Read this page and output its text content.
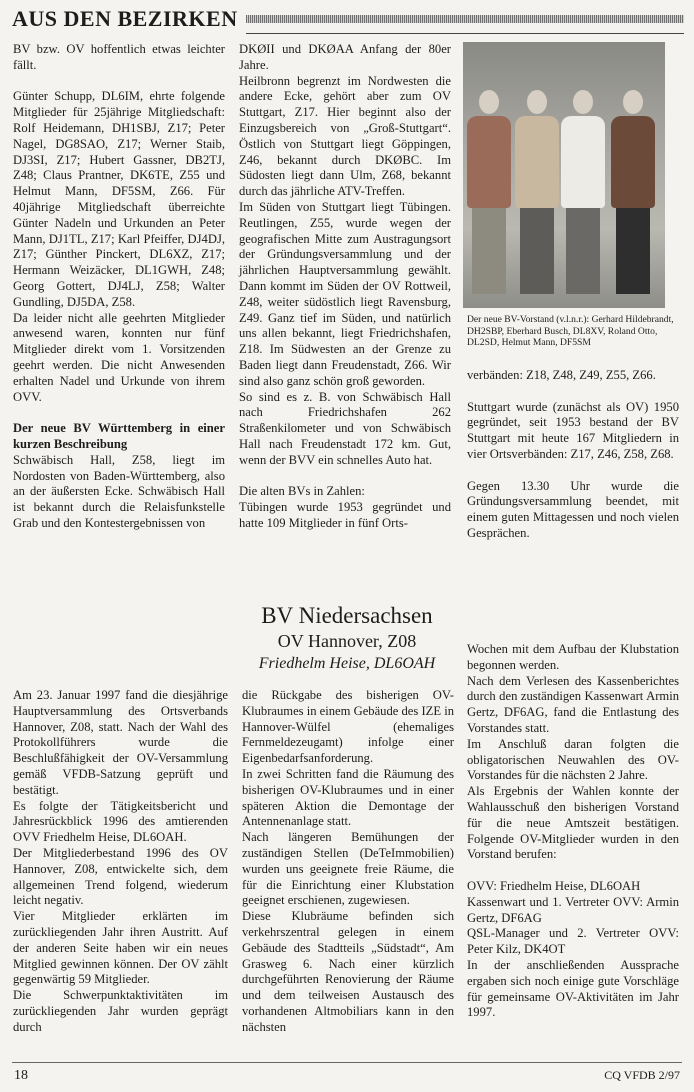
AUS DEN BEZIRKEN

BV bzw. OV hoffentlich etwas leichter fällt.

Günter Schupp, DL6IM, ehrte folgende Mitglieder für 25jährige Mitgliedschaft: Rolf Heidemann, DH1SBJ, Z17; Peter Nagel, DG8SAO, Z17; Werner Staib, DJ3SI, Z17; Hubert Gassner, DB2TJ, Z48; Claus Prantner, DK6TE, Z55 und Helmut Mann, DF5SM, Z66. Für 40jährige Mitgliedschaft überreichte Günter Nadeln und Urkunden an Peter Mann, DJ1TL, Z17; Karl Pfeiffer, DJ4DJ, Z17; Günther Pinckert, DL6XZ, Z17; Hermann Weizäcker, DL1GWH, Z48; Georg Gottert, DJ4LJ, Z58; Walter Gundling, DJ5DA, Z58.

Da leider nicht alle geehrten Mitglieder anwesend waren, konnten nur fünf Mitglieder direkt vom 1. Vorsitzenden geehrt werden. Die nicht Anwesenden erhalten Nadel und Urkunde von ihrem OVV.

Der neue BV Württemberg in einer kurzen Beschreibung

Schwäbisch Hall, Z58, liegt im Nordosten von Baden-Württemberg, also an der äußersten Ecke. Schwäbisch Hall ist bekannt durch die Relaisfunkstelle Grab und den Kontestergebnissen von

DKØII und DKØAA Anfang der 80er Jahre.

Heilbronn begrenzt im Nordwesten die andere Ecke, gehört aber zum OV Stuttgart, Z17. Hier beginnt also der Einzugsbereich von „Groß-Stuttgart“. Östlich von Stuttgart liegt Göppingen, Z46, bekannt durch DKØBC. Im Südosten liegt dann Ulm, Z68, bekannt durch das jährliche ATV-Treffen.

Im Süden von Stuttgart liegt Tübingen. Reutlingen, Z55, wurde wegen der geografischen Mitte zum Austragungsort der Gründungsversammlung und der jährlichen Hauptversammlung gewählt. Dann kommt im Süden der OV Rottweil, Z48, weiter südöstlich liegt Ravensburg, Z49. Ganz tief im Süden, und natürlich uns allen bekannt, liegt Friedrichshafen, Z18. Im Südwesten an der Grenze zu Baden liegt dann Freudenstadt, Z66. Wir sind also ganz schön groß geworden.

So sind es z. B. von Schwäbisch Hall nach Friedrichshafen 262 Straßenkilometer und von Schwäbisch Hall nach Freudenstadt 172 km. Gut, wenn der BVV ein schnelles Auto hat.

Die alten BVs in Zahlen:

Tübingen wurde 1953 gegründet und hatte 109 Mitglieder in fünf Orts-

Der neue BV-Vorstand (v.l.n.r.): Gerhard Hildebrandt, DH2SBP, Eberhard Busch, DL8XV, Roland Otto, DL2SD, Helmut Mann, DF5SM

verbänden: Z18, Z48, Z49, Z55, Z66.

Stuttgart wurde (zunächst als OV) 1950 gegründet, seit 1953 bestand der BV Stuttgart mit heute 167 Mitgliedern in vier Ortsverbänden: Z17, Z46, Z58, Z68.

Gegen 13.30 Uhr wurde die Gründungsversammlung beendet, mit einem guten Mittagessen und noch vielen Gesprächen.

BV Niedersachsen
OV Hannover, Z08
Friedhelm Heise, DL6OAH

Am 23. Januar 1997 fand die diesjährige Hauptversammlung des Ortsverbands Hannover, Z08, statt. Nach der Wahl des Protokollführers wurde die Beschlußfähigkeit der OV-Versammlung gemäß VFDB-Satzung geprüft und bestätigt.

Es folgte der Tätigkeitsbericht und Jahresrückblick 1996 des amtierenden OVV Friedhelm Heise, DL6OAH.

Der Mitgliederbestand 1996 des OV Hannover, Z08, entwickelte sich, dem allgemeinen Trend folgend, wiederum leicht negativ.

Vier Mitglieder erklärten im zurückliegenden Jahr ihren Austritt. Auf der anderen Seite haben wir ein neues Mitglied gewinnen können. Der OV zählt gegenwärtig 59 Mitglieder.

Die Schwerpunktaktivitäten im zurückliegenden Jahr wurden geprägt durch

die Rückgabe des bisherigen OV-Klubraumes in einem Gebäude des IZE in Hannover-Wülfel (ehemaliges Fernmeldezeugamt) infolge einer Eigenbedarfsanforderung.

In zwei Schritten fand die Räumung des bisherigen OV-Klubraumes und in einer späteren Aktion die Demontage der Antennenanlage statt.

Nach längeren Bemühungen der zuständigen Stellen (DeTeImmobilien) wurden uns geeignete freie Räume, die für die Einrichtung einer Klubstation geeignet erschienen, zugewiesen.

Diese Klubräume befinden sich verkehrszentral gelegen in einem Gebäude des Stadtteils „Südstadt“, Am Grasweg 6. Nach einer kürzlich durchgeführten Renovierung der Räume und dem teilweisen Austausch des vorhandenen Altmobiliars kann in den nächsten

Wochen mit dem Aufbau der Klubstation begonnen werden.

Nach dem Verlesen des Kassenberichtes durch den zuständigen Kassenwart Armin Gertz, DF6AG, fand die Entlastung des Vorstandes statt.

Im Anschluß daran folgten die obligatorischen Neuwahlen des OV-Vorstandes für die nächsten 2 Jahre.

Als Ergebnis der Wahlen konnte der Wahlausschuß den bisherigen Vorstand für die neue Amtszeit bestätigen. Folgende OV-Mitglieder wurden in den Vorstand berufen:

OVV: Friedhelm Heise, DL6OAH

Kassenwart und 1. Vertreter OVV: Armin Gertz, DF6AG

QSL-Manager und 2. Vertreter OVV: Peter Kilz, DK4OT

In der anschließenden Aussprache ergaben sich noch einige gute Vorschläge für gemeinsame OV-Aktivitäten im Jahr 1997.

18	CQ VFDB 2/97
